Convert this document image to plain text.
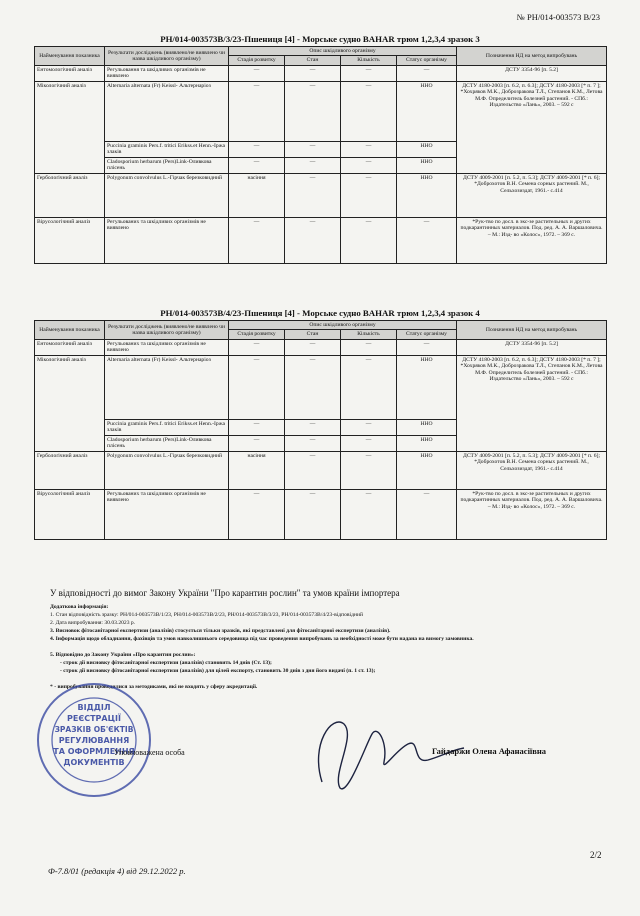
№ РН/014-003573 В/23
РН/014-003573В/3/23-Пшениця [4] - Морське судно BAHAR трюм 1,2,3,4 зразок 3
Найменування показника	Результати досліджень (виявлено/не виявлено чи назва шкідливого організму)	Опис шкідливого організму				Позначення НД на метод випробувань
		Стадія розвитку	Стан	Кількість	Статус організму	
Ентомологічний аналіз	Регульовання та шкідливих організмів не виявлено	—	—	—	—	ДСТУ 3354-96 [п. 5.2]
Мікологічний аналіз	Alternaria alternata (Fr) Keissl- Альтернаріоз	—	—	—	ННО	ДСТУ 4180-2003 [п. 6.2, п. 6.3]; ДСТУ 4180-2003 [* п. 7 ]; *Хохряков М.К., Доброзракова Т.Л., Степанов К.М., Летова М.Ф. Определитель болезней растений. - СПб.: Издательство «Лань», 2003. – 592 с
	Puccinia graminis Pers.f. tritici Erikss.et Henn.-Іржа злаків	—	—	—	ННО	
	Cladosporium herbarum (Pers)Link-Оливкова плісень	—	—	—	ННО	
Герболоґічний аналіз	Polygonum convolvulus L.-Гірчак березковидний	насіння	—	—	ННО	ДСТУ 4009-2001 [п. 5.2, п. 5.3]; ДСТУ 4009-2001 [* п. 6]; *Доброхотов В.Н. Семена сорных растений. М., Сельхозиздат, 1961.- с.414
Вірусологічний аналіз	Регульованих та шкідливих організмів не виявлено	—	—	—	—	*Рук-тво по досл. в экс-зе растительных и других подкарантинных материалов. Под. ред. А. А. Варшаловича. – М.: Изд- во «Колос», 1972. – 369 с.
РН/014-003573В/4/23-Пшениця [4] - Морське судно BAHAR трюм 1,2,3,4 зразок 4
Найменування показника	Результати досліджень (виявлено/не виявлено чи назва шкідливого організму)	Опис шкідливого організму				Позначення НД на метод випробувань
		Стадія розвитку	Стан	Кількість	Статус організму	
Ентомологічний аналіз	Регульованих та шкідливих організмів не виявлено	—	—	—	—	ДСТУ 3354-96 [п. 5.2]
Мікологічний аналіз	Alternaria alternata (Fr) Keissl- Альтернаріоз	—	—	—	ННО	ДСТУ 4180-2003 [п. 6.2, п. 6.3]; ДСТУ 4180-2003 [* п. 7 ]; *Хохряков М.К., Доброзракова Т.Л., Степанов К.М., Летова М.Ф. Определитель болезней растений. - СПб.: Издательство «Лань», 2003. – 592 с
	Puccinia graminis Pers.f. tritici Erikss.et Henn.-Іржа злаків	—	—	—	ННО	
	Cladosporium herbarum (Pers)Link-Оливкова плісень	—	—	—	ННО	
Герболоґічний аналіз	Polygonum convolvulus L.-Гірчак березковидний	насіння	—	—	ННО	ДСТУ 4009-2001 [п. 5.2, п. 5.3]; ДСТУ 4009-2001 [* п. 6]; *Доброхотов В.Н. Семена сорных растений. М., Сельхозиздат, 1961.- с.414
Вірусологічний аналіз	Регульованих та шкідливих організмів не виявлено	—	—	—	—	*Рук-тво по досл. в экс-зе растительных и других подкарантинных материалов. Под. ред. А. А. Варшаловича. – М.: Изд- во «Колос», 1972. – 369 с.
У відповідності до вимог Закону України "Про карантин рослин" та умов країни імпортера
Додаткова інформація:
1. Стан відповідність зразку: РН/014-003573В/1/23, РН/014-003573В/2/23, РН/014-003573В/3/23, РН/014-003573В/4/23-відповідний
2. Дата випробування: 30.03.2023 р.
3. Висновок фітосанітарної експертизи (аналізів) стосується тільки зразків, які представлені для фітосанітарної експертизи (аналізів).
4. Інформація щодо обладнання, фахівців та умов навколишнього середовища під час проведення випробувань за необхідності може бути надана на вимогу замовника.
5. Відповідно до Закону України «Про карантин рослин»:
- строк дії висновку фітосанітарної експертизи (аналізів) становить 14 днів (Ст. 13);
- строк дії висновку фітосанітарної експертизи (аналізів) для цілей експорту, становить 30 днів з дня його видачі (п. 1 ст. 13);
* - випробування проводилися за методиками, які не входять у сферу акредитації.
ВІДДІЛ
РЕЄСТРАЦІЇ
ЗРАЗКІВ ОБ'ЄКТІВ
РЕГУЛЮВАННЯ
ТА ОФОРМЛЕННЯ
ДОКУМЕНТІВ
Уповноважена особа	Гайдаржи Олена Афанасіївна
2/2
Ф-7.8/01 (редакція 4) від 29.12.2022 р.
